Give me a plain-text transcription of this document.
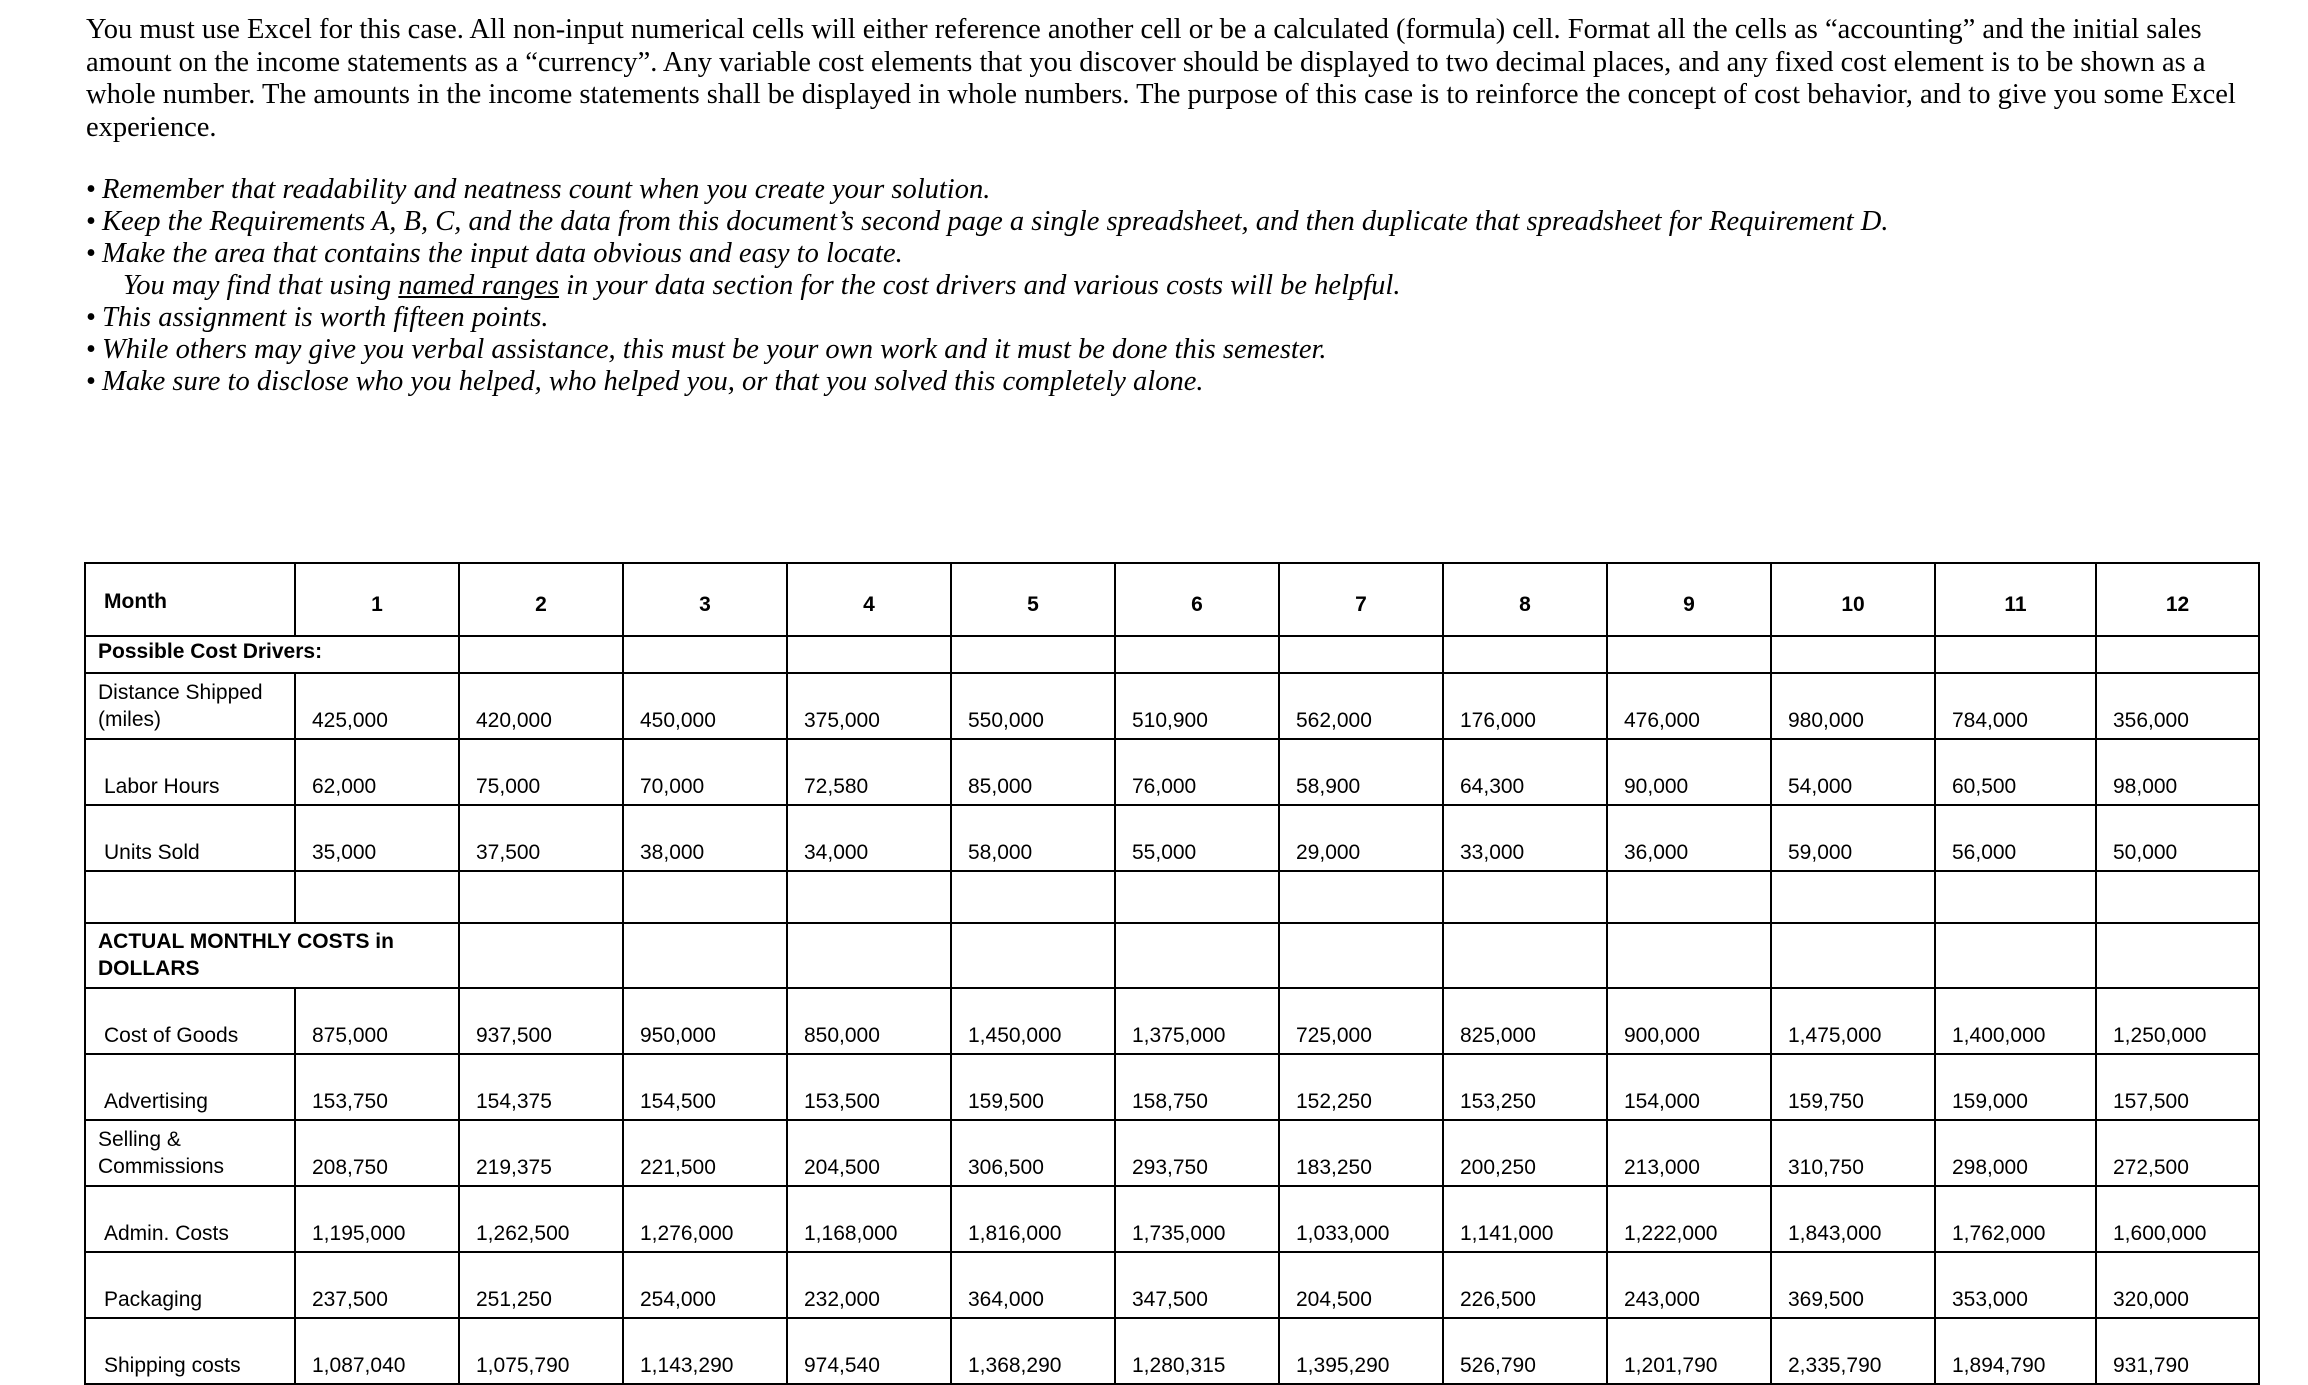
You must use Excel for this case. All non-input numerical cells will either reference another cell or be a calculated (formula) cell. Format all the cells as “accounting” and the initial sales amount on the income statements as a “currency”. Any variable cost elements that you discover should be displayed to two decimal places, and any fixed cost element is to be shown as a whole number. The amounts in the income statements shall be displayed in whole numbers. The purpose of this case is to reinforce the concept of cost behavior, and to give you some Excel experience.

• Remember that readability and neatness count when you create your solution.
• Keep the Requirements A, B, C, and the data from this document’s second page a single spreadsheet, and then duplicate that spreadsheet for Requirement D.
• Make the area that contains the input data obvious and easy to locate.
You may find that using named ranges in your data section for the cost drivers and various costs will be helpful.
• This assignment is worth fifteen points.
• While others may give you verbal assistance, this must be your own work and it must be done this semester.
• Make sure to disclose who you helped, who helped you, or that you solved this completely alone.
Month	1	2	3	4	5	6	7	8	9	10	11	12
Possible Cost Drivers:												
Distance Shipped (miles)	425,000	420,000	450,000	375,000	550,000	510,900	562,000	176,000	476,000	980,000	784,000	356,000
Labor Hours	62,000	75,000	70,000	72,580	85,000	76,000	58,900	64,300	90,000	54,000	60,500	98,000
Units Sold	35,000	37,500	38,000	34,000	58,000	55,000	29,000	33,000	36,000	59,000	56,000	50,000

ACTUAL MONTHLY COSTS in DOLLARS												
Cost of Goods	875,000	937,500	950,000	850,000	1,450,000	1,375,000	725,000	825,000	900,000	1,475,000	1,400,000	1,250,000
Advertising	153,750	154,375	154,500	153,500	159,500	158,750	152,250	153,250	154,000	159,750	159,000	157,500
Selling & Commissions	208,750	219,375	221,500	204,500	306,500	293,750	183,250	200,250	213,000	310,750	298,000	272,500
Admin. Costs	1,195,000	1,262,500	1,276,000	1,168,000	1,816,000	1,735,000	1,033,000	1,141,000	1,222,000	1,843,000	1,762,000	1,600,000
Packaging	237,500	251,250	254,000	232,000	364,000	347,500	204,500	226,500	243,000	369,500	353,000	320,000
Shipping costs	1,087,040	1,075,790	1,143,290	974,540	1,368,290	1,280,315	1,395,290	526,790	1,201,790	2,335,790	1,894,790	931,790
